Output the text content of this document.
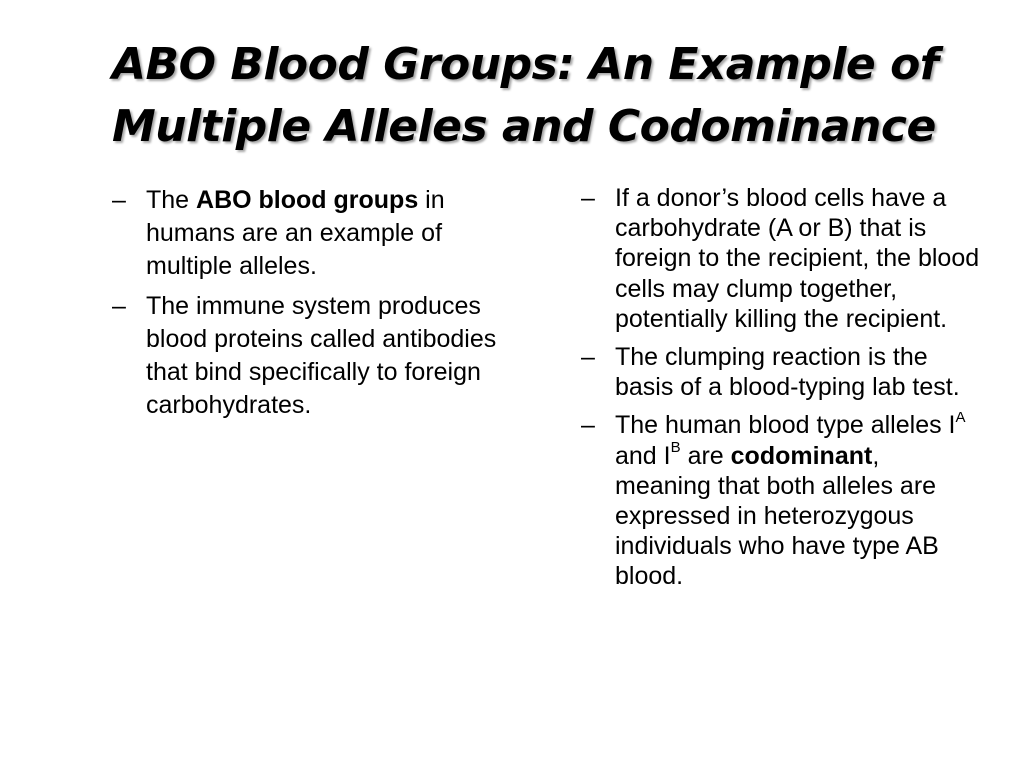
ABO Blood Groups: An Example of
Multiple Alleles and Codominance
– The ABO blood groups in humans are an example of multiple alleles.
– The immune system produces blood proteins called antibodies that bind specifically to foreign carbohydrates.
– If a donor’s blood cells have a carbohydrate (A or B) that is foreign to the recipient, the blood cells may clump together, potentially killing the recipient.
– The clumping reaction is the basis of a blood-typing lab test.
– The human blood type alleles $I^A$ and $I^B$ are codominant, meaning that both alleles are expressed in heterozygous individuals who have type AB blood.
